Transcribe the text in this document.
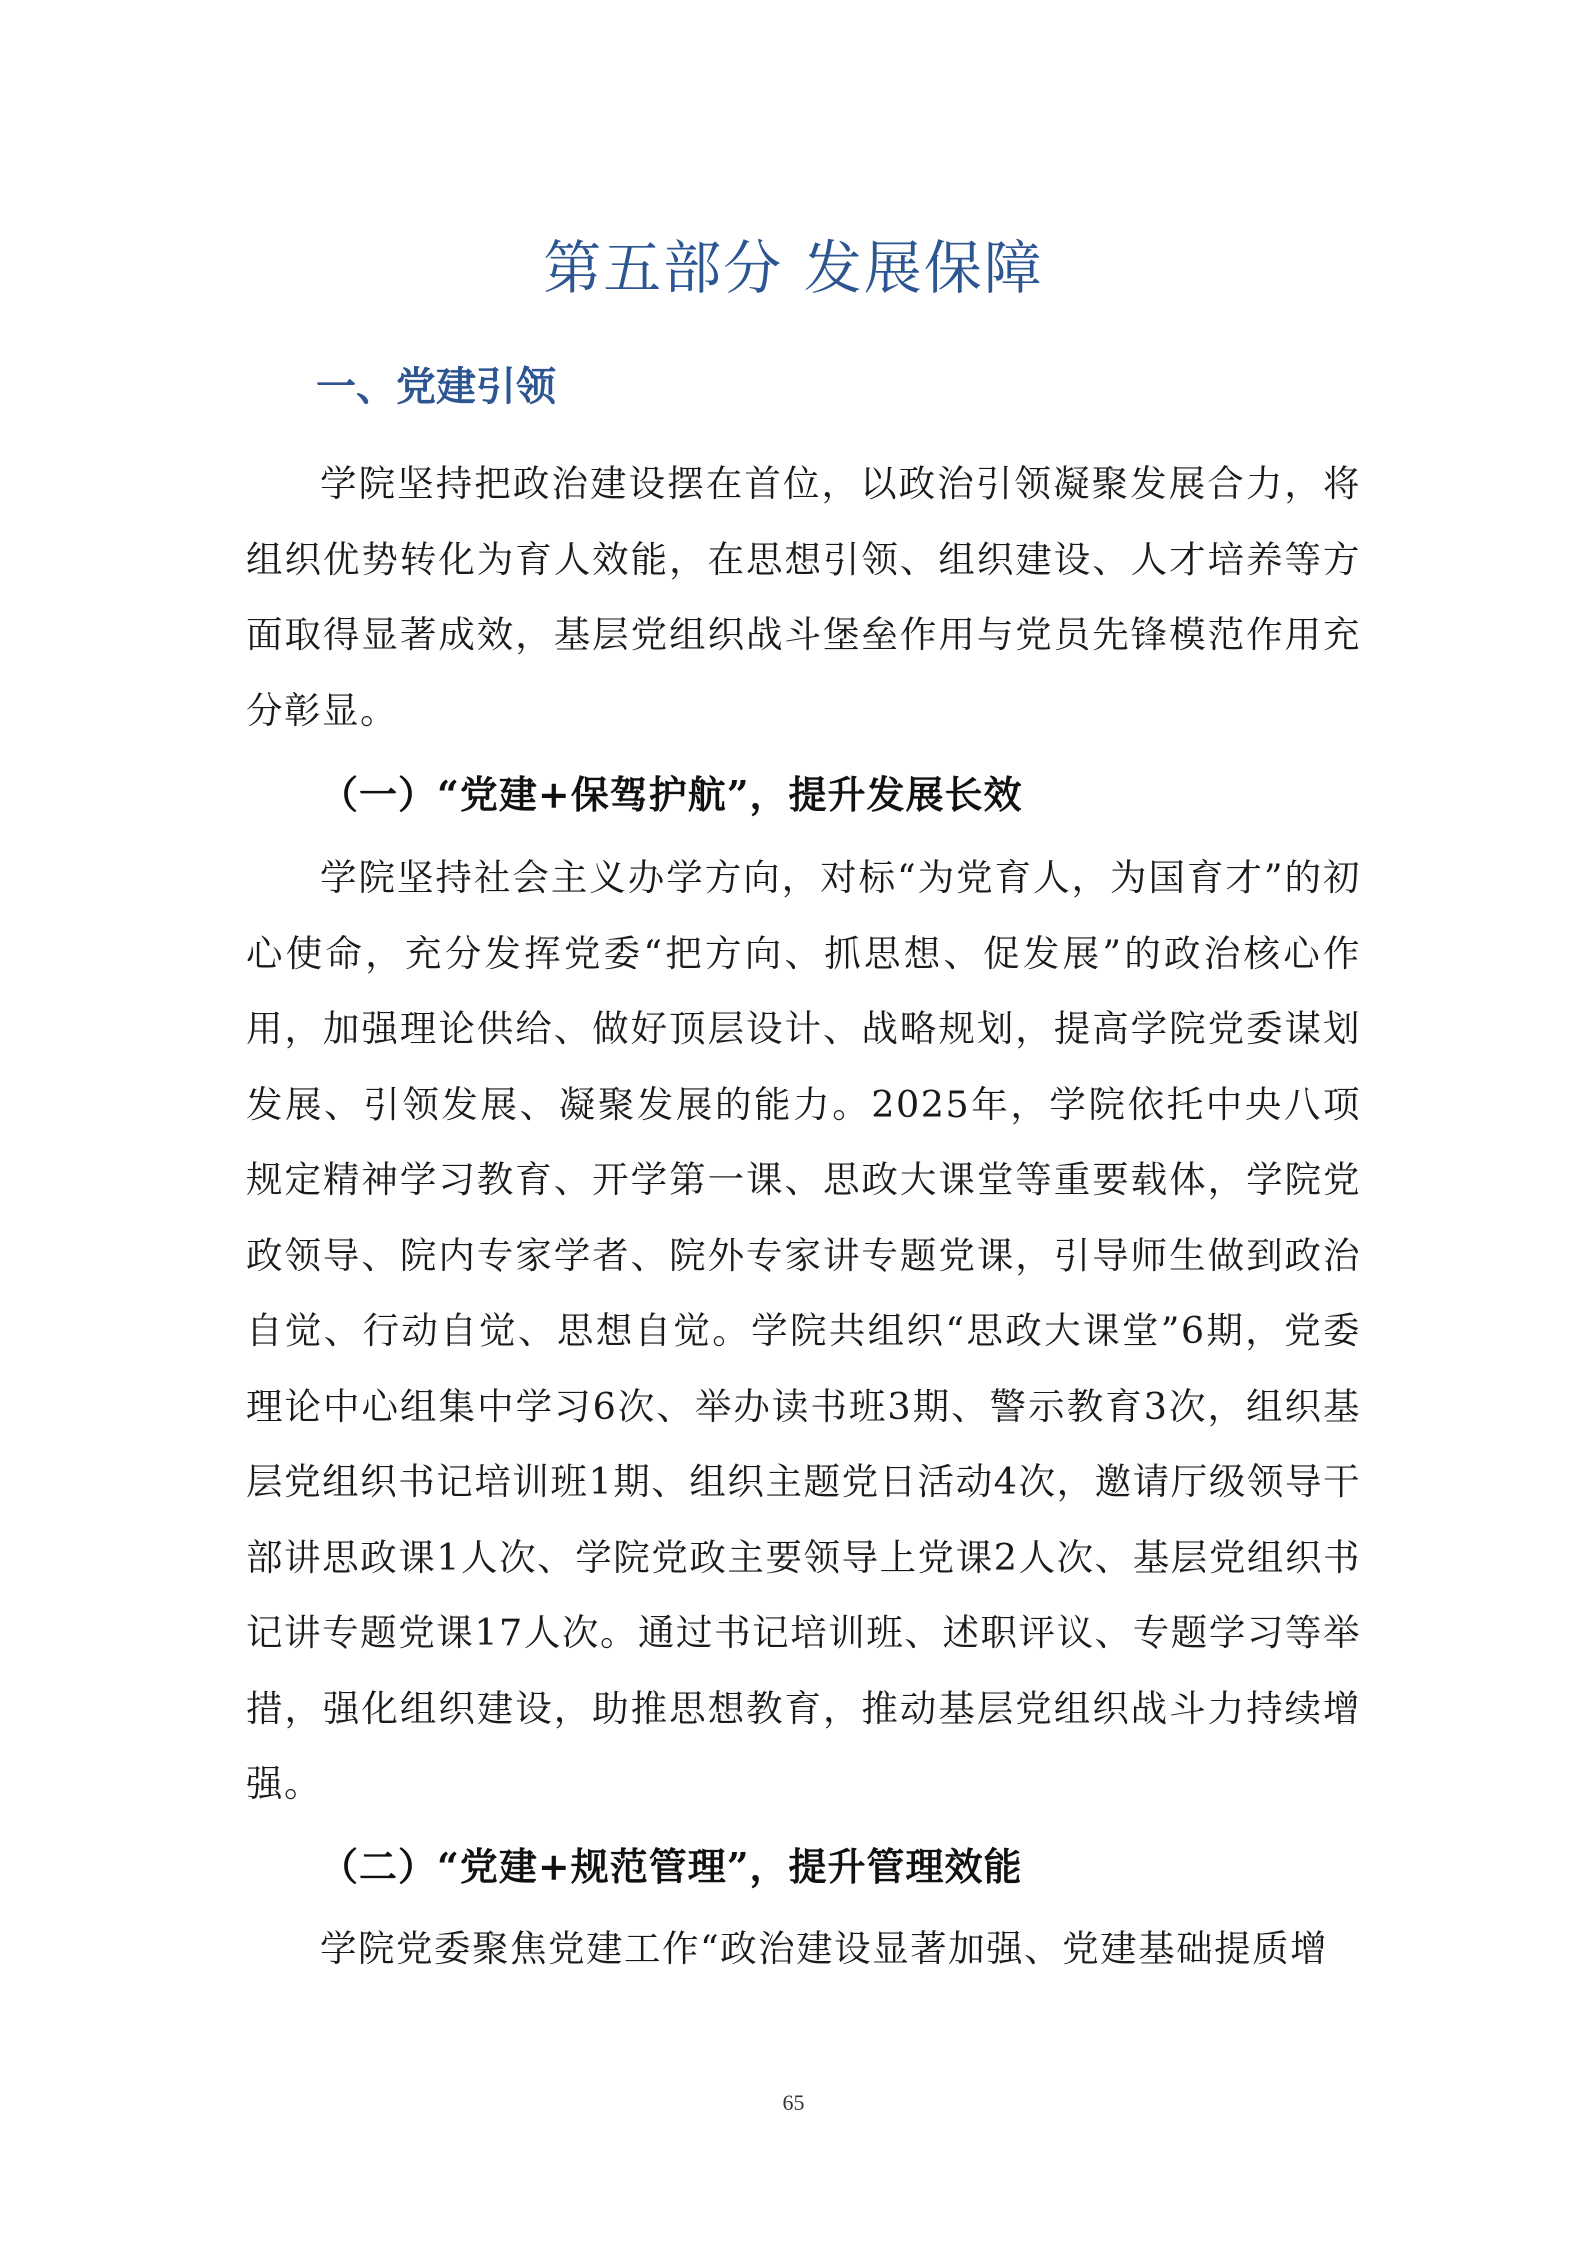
第五部分 发展保障
一、党建引领

学院坚持把政治建设摆在首位，以政治引领凝聚发展合力，将组织优势转化为育人效能，在思想引领、组织建设、人才培养等方面取得显著成效，基层党组织战斗堡垒作用与党员先锋模范作用充分彰显。

（一）“党建+保驾护航”，提升发展长效

学院坚持社会主义办学方向，对标“为党育人，为国育才”的初心使命，充分发挥党委“把方向、抓思想、促发展”的政治核心作用，加强理论供给、做好顶层设计、战略规划，提高学院党委谋划发展、引领发展、凝聚发展的能力。2025年，学院依托中央八项规定精神学习教育、开学第一课、思政大课堂等重要载体，学院党政领导、院内专家学者、院外专家讲专题党课，引导师生做到政治自觉、行动自觉、思想自觉。学院共组织“思政大课堂”6期，党委理论中心组集中学习6次、举办读书班3期、警示教育3次，组织基层党组织书记培训班1期、组织主题党日活动4次，邀请厅级领导干部讲思政课1人次、学院党政主要领导上党课2人次、基层党组织书记讲专题党课17人次。通过书记培训班、述职评议、专题学习等举措，强化组织建设，助推思想教育，推动基层党组织战斗力持续增强。

（二）“党建+规范管理”，提升管理效能

学院党委聚焦党建工作“政治建设显著加强、党建基础提质增

65
